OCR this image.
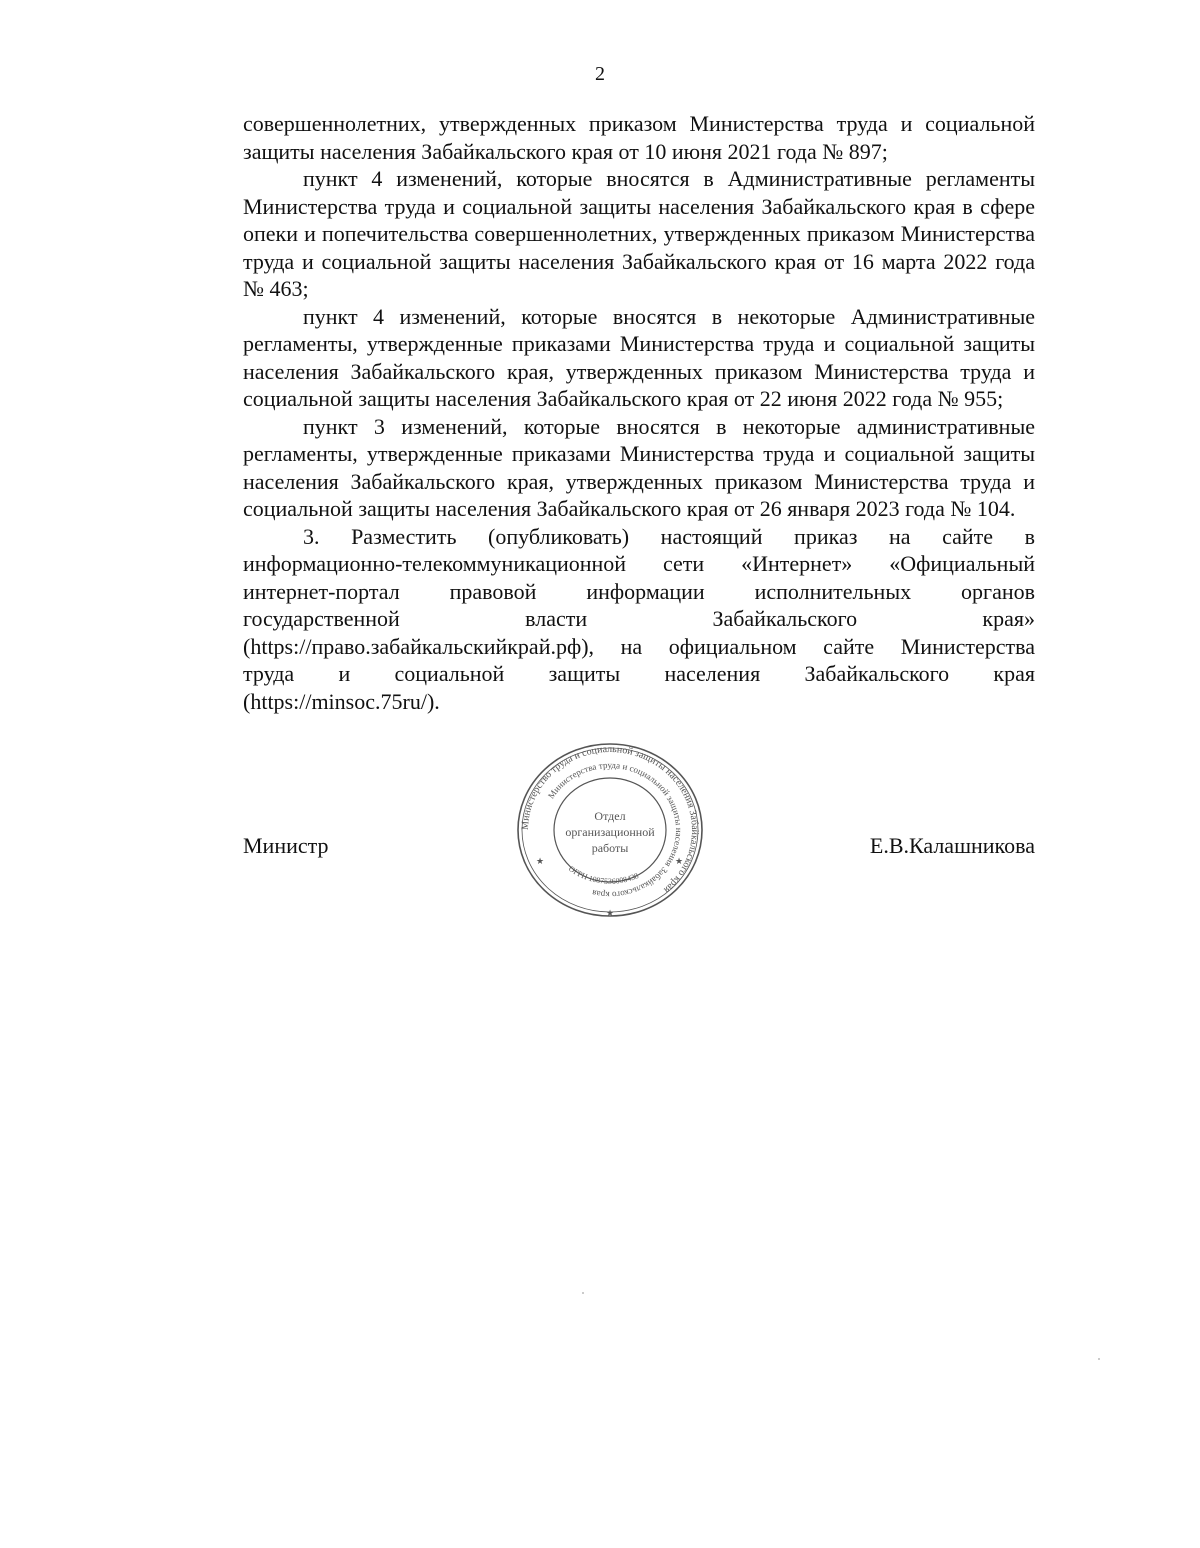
2

совершеннолетних, утвержденных приказом Министерства труда и социальной защиты населения Забайкальского края от 10 июня 2021 года № 897;

пункт 4 изменений, которые вносятся в Административные регламенты Министерства труда и социальной защиты населения Забайкальского края в сфере опеки и попечительства совершеннолетних, утвержденных приказом Министерства труда и социальной защиты населения Забайкальского края от 16 марта 2022 года № 463;

пункт 4 изменений, которые вносятся в некоторые Административные регламенты, утвержденные приказами Министерства труда и социальной защиты населения Забайкальского края, утвержденных приказом Министерства труда и социальной защиты населения Забайкальского края от 22 июня 2022 года № 955;

пункт 3 изменений, которые вносятся в некоторые административные регламенты, утвержденные приказами Министерства труда и социальной защиты населения Забайкальского края, утвержденных приказом Министерства труда и социальной защиты населения Забайкальского края от 26 января 2023 года № 104.

3. Разместить (опубликовать) настоящий приказ на сайте в

информационно-телекоммуникационной сети «Интернет» «Официальный

интернет-портал правовой информации исполнительных органов

государственной власти Забайкальского края»

(https://право.забайкальскийкрай.рф), на официальном сайте Министерства

труда и социальной защиты населения Забайкальского края

(https://minsoc.75ru/).

Министр	Е.В.Калашникова
Министерство труда и социальной защиты населения Забайкальского края
Министерства труда и социальной защиты населения Забайкальского края
ОГРН 1087536008438
Отдел
организационной
работы
★	★
★
